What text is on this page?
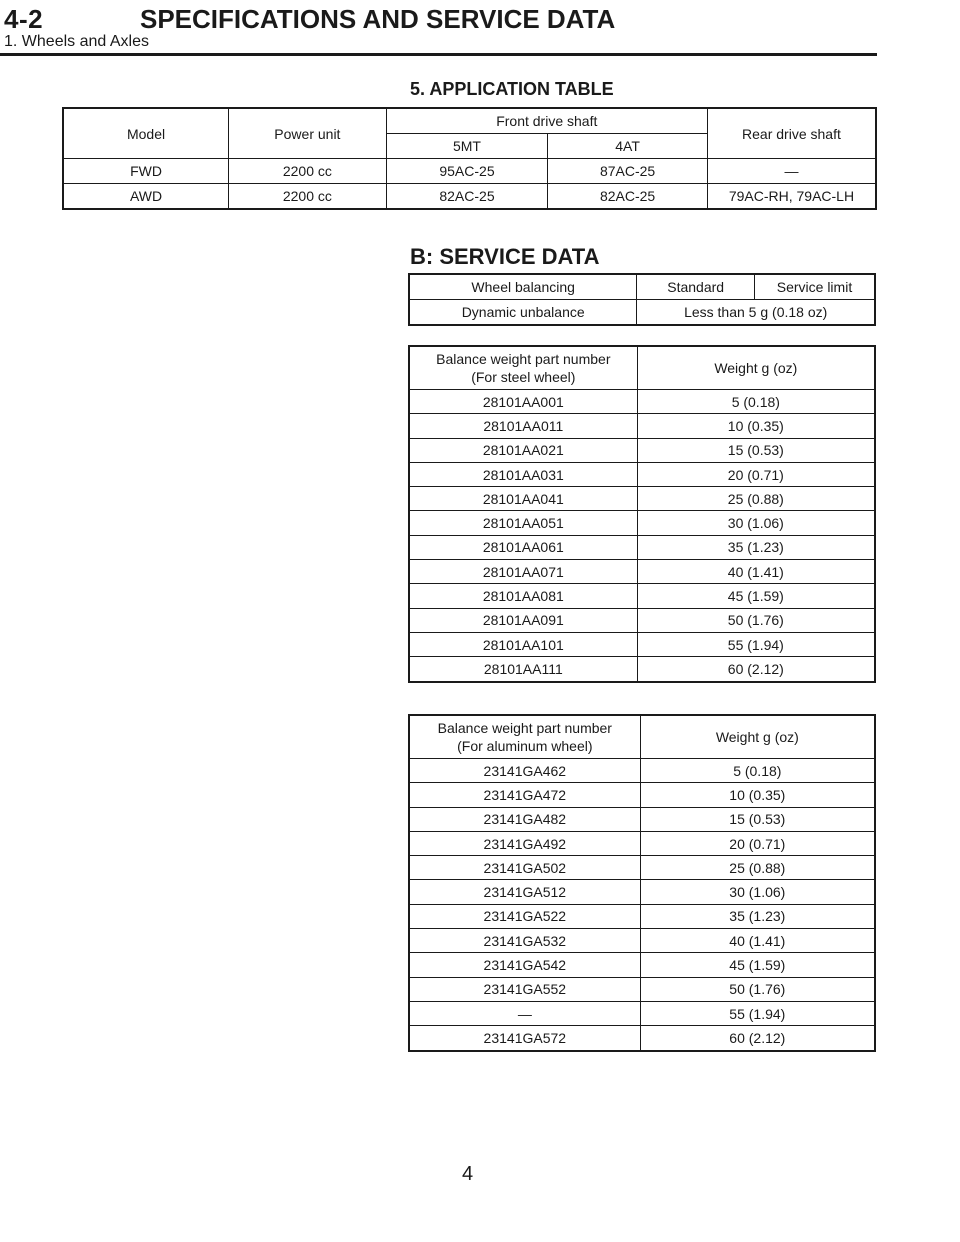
4-2	SPECIFICATIONS AND SERVICE DATA
1. Wheels and Axles
5. APPLICATION TABLE
Model	Power unit	Front drive shaft		Rear drive shaft
		5MT	4AT	
FWD	2200 cc	95AC-25	87AC-25	—
AWD	2200 cc	82AC-25	82AC-25	79AC-RH, 79AC-LH
B: SERVICE DATA
Wheel balancing	Standard	Service limit
Dynamic unbalance	Less than 5 g (0.18 oz)	
Balance weight part number
(For steel wheel)	Weight g (oz)
28101AA001	5 (0.18)
28101AA011	10 (0.35)
28101AA021	15 (0.53)
28101AA031	20 (0.71)
28101AA041	25 (0.88)
28101AA051	30 (1.06)
28101AA061	35 (1.23)
28101AA071	40 (1.41)
28101AA081	45 (1.59)
28101AA091	50 (1.76)
28101AA101	55 (1.94)
28101AA111	60 (2.12)
Balance weight part number
(For aluminum wheel)	Weight g (oz)
23141GA462	5 (0.18)
23141GA472	10 (0.35)
23141GA482	15 (0.53)
23141GA492	20 (0.71)
23141GA502	25 (0.88)
23141GA512	30 (1.06)
23141GA522	35 (1.23)
23141GA532	40 (1.41)
23141GA542	45 (1.59)
23141GA552	50 (1.76)
—	55 (1.94)
23141GA572	60 (2.12)
4
